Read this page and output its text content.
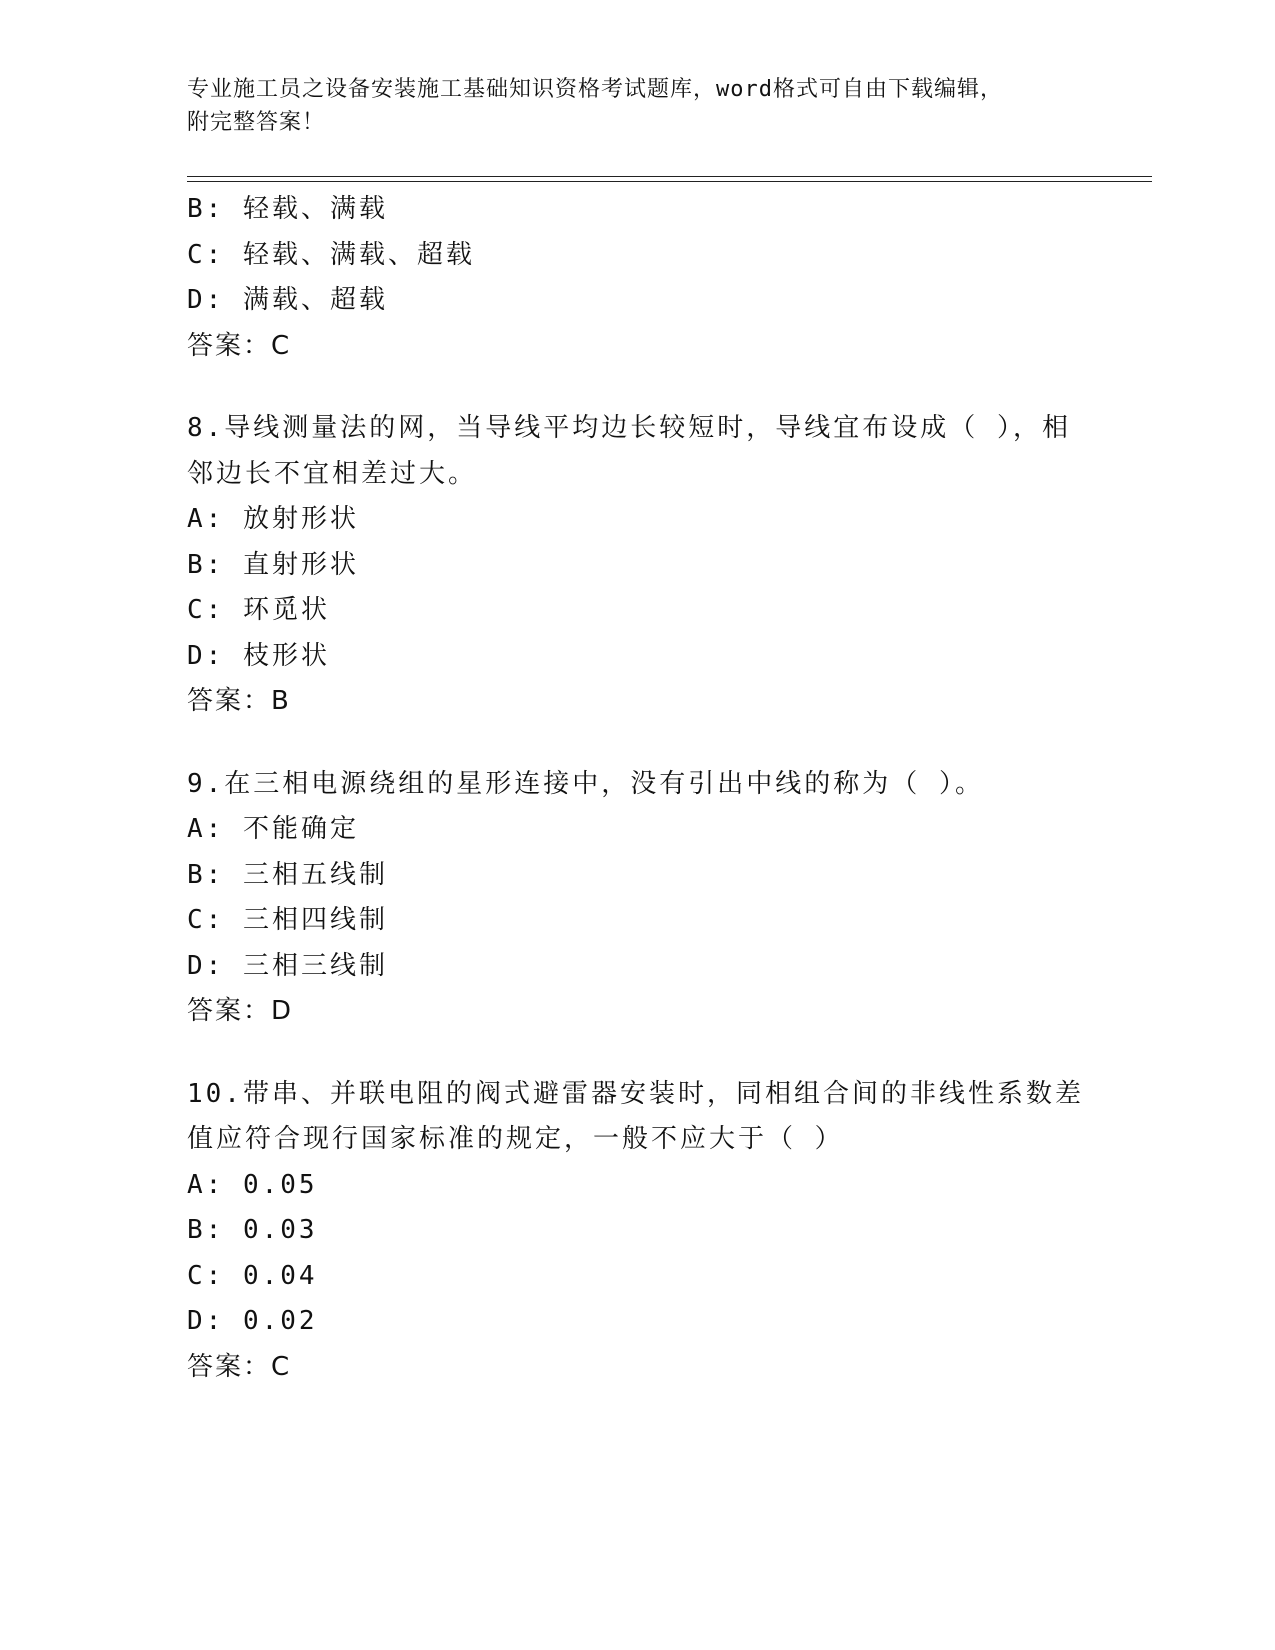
专业施工员之设备安装施工基础知识资格考试题库，word格式可自由下载编辑，
附完整答案！
B: 轻载、满载
C: 轻载、满载、超载
D: 满载、超载
答案：C
8.导线测量法的网，当导线平均边长较短时，导线宜布设成（ ），相
邻边长不宜相差过大。
A: 放射形状
B: 直射形状
C: 环觅状
D: 枝形状
答案：B
9.在三相电源绕组的星形连接中，没有引出中线的称为（ ）。
A: 不能确定
B: 三相五线制
C: 三相四线制
D: 三相三线制
答案：D
10.带串、并联电阻的阀式避雷器安装时，同相组合间的非线性系数差
值应符合现行国家标准的规定，一般不应大于（ ）
A: 0.05
B: 0.03
C: 0.04
D: 0.02
答案：C
